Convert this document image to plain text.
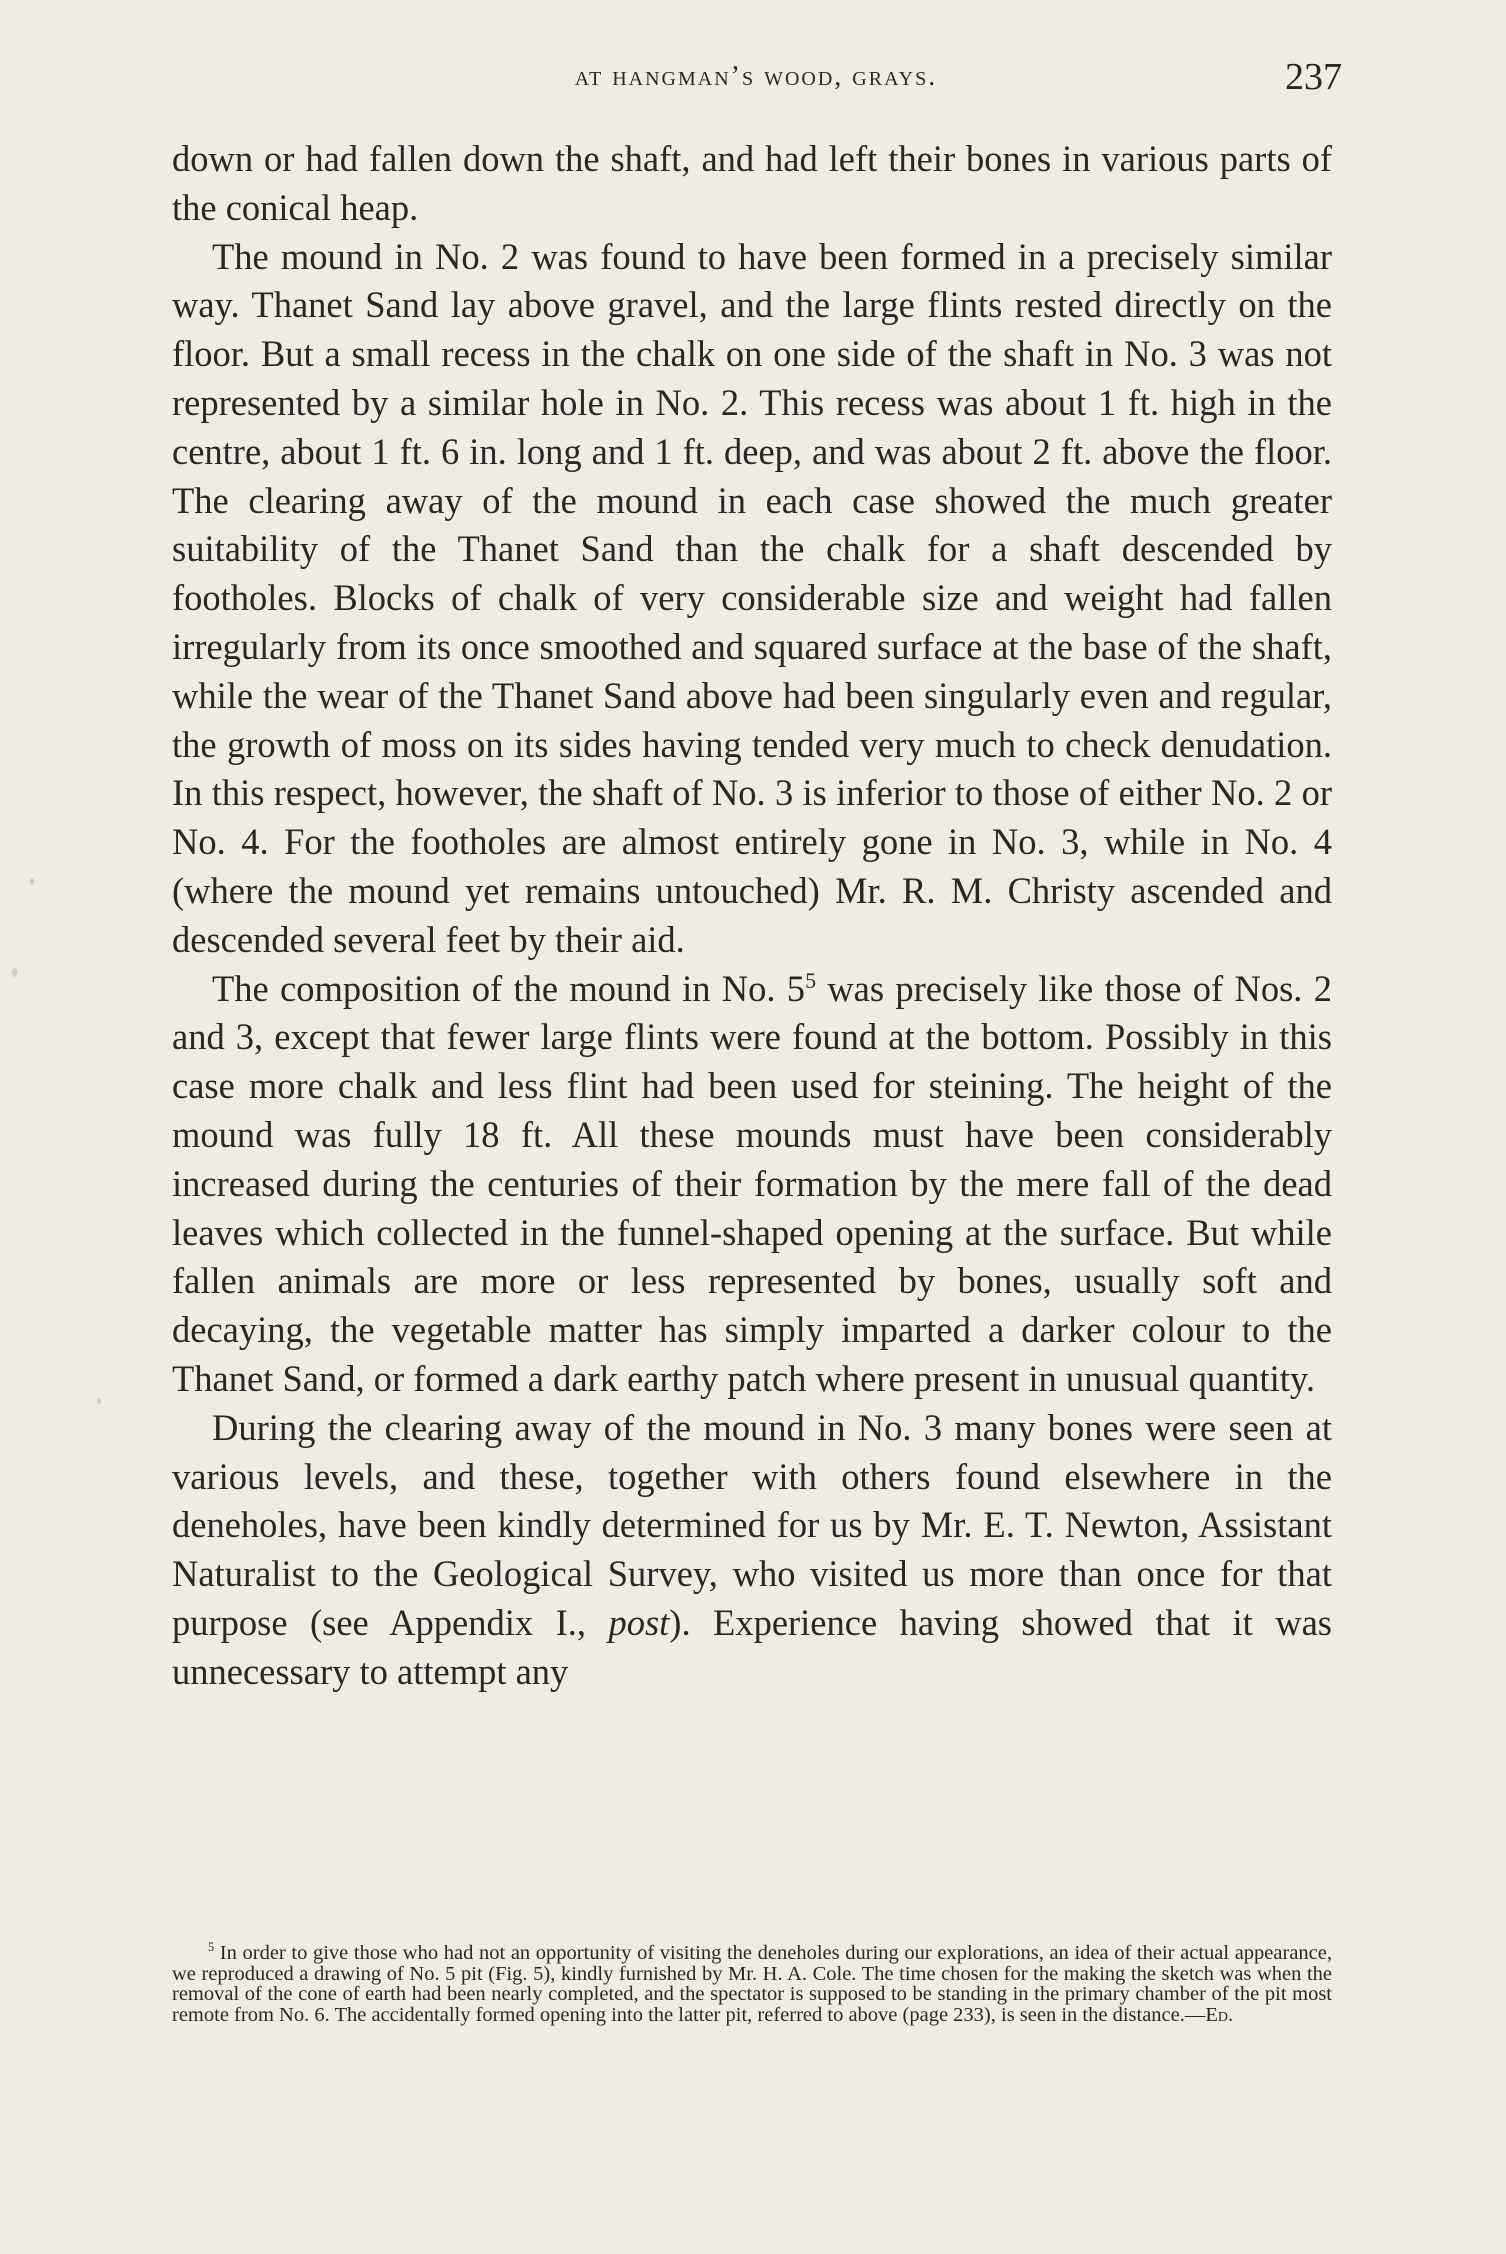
at hangman’s wood, grays.	237

down or had fallen down the shaft, and had left their bones in various parts of the conical heap.

The mound in No. 2 was found to have been formed in a precisely similar way. Thanet Sand lay above gravel, and the large flints rested directly on the floor. But a small recess in the chalk on one side of the shaft in No. 3 was not represented by a similar hole in No. 2. This recess was about 1 ft. high in the centre, about 1 ft. 6 in. long and 1 ft. deep, and was about 2 ft. above the floor. The clearing away of the mound in each case showed the much greater suitability of the Thanet Sand than the chalk for a shaft descended by footholes. Blocks of chalk of very considerable size and weight had fallen irregularly from its once smoothed and squared surface at the base of the shaft, while the wear of the Thanet Sand above had been singularly even and regular, the growth of moss on its sides having tended very much to check denudation. In this respect, however, the shaft of No. 3 is inferior to those of either No. 2 or No. 4. For the footholes are almost entirely gone in No. 3, while in No. 4 (where the mound yet remains untouched) Mr. R. M. Christy ascended and descended several feet by their aid.

The composition of the mound in No. $5^5$ was precisely like those of Nos. 2 and 3, except that fewer large flints were found at the bottom. Possibly in this case more chalk and less flint had been used for steining. The height of the mound was fully 18 ft. All these mounds must have been considerably increased during the centuries of their formation by the mere fall of the dead leaves which collected in the funnel-shaped opening at the surface. But while fallen animals are more or less represented by bones, usually soft and decaying, the vegetable matter has simply imparted a darker colour to the Thanet Sand, or formed a dark earthy patch where present in unusual quantity.

During the clearing away of the mound in No. 3 many bones were seen at various levels, and these, together with others found elsewhere in the deneholes, have been kindly determined for us by Mr. E. T. Newton, Assistant Naturalist to the Geological Survey, who visited us more than once for that purpose (see Appendix I., post). Experience having showed that it was unnecessary to attempt any

$^5$ In order to give those who had not an opportunity of visiting the deneholes during our explorations, an idea of their actual appearance, we reproduced a drawing of No. 5 pit (Fig. 5), kindly furnished by Mr. H. A. Cole. The time chosen for the making the sketch was when the removal of the cone of earth had been nearly completed, and the spectator is supposed to be standing in the primary chamber of the pit most remote from No. 6. The accidentally formed opening into the latter pit, referred to above (page 233), is seen in the distance.—Ed.
